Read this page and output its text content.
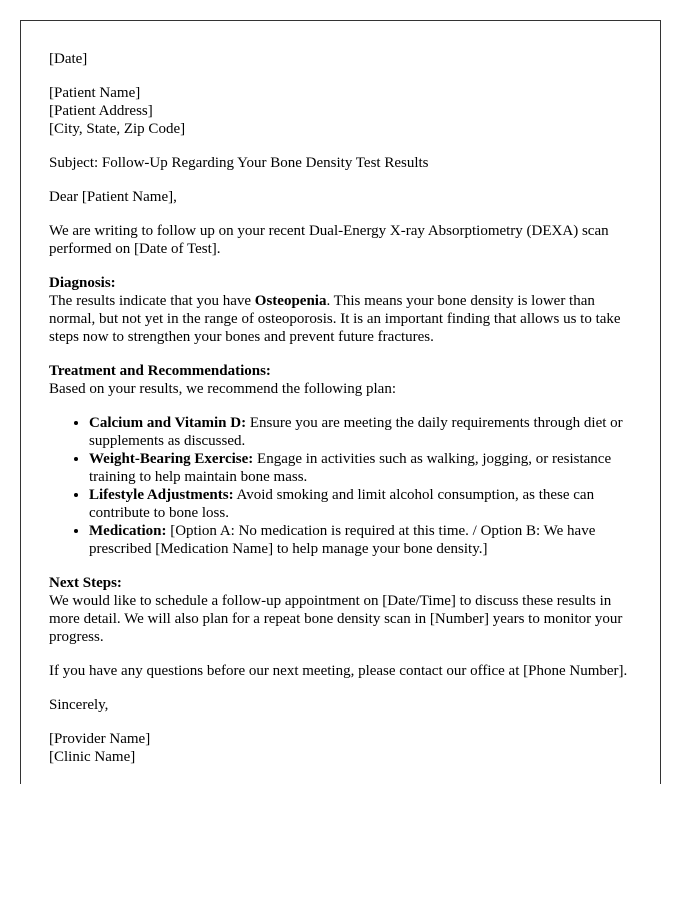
[Date]

[Patient Name]
[Patient Address]
[City, State, Zip Code]

Subject: Follow-Up Regarding Your Bone Density Test Results

Dear [Patient Name],

We are writing to follow up on your recent Dual-Energy X-ray Absorptiometry (DEXA) scan performed on [Date of Test].

Diagnosis:
The results indicate that you have Osteopenia. This means your bone density is lower than normal, but not yet in the range of osteoporosis. It is an important finding that allows us to take steps now to strengthen your bones and prevent future fractures.
Treatment and Recommendations:

Based on your results, we recommend the following plan:

• Calcium and Vitamin D: Ensure you are meeting the daily requirements through diet or supplements as discussed.
• Weight-Bearing Exercise: Engage in activities such as walking, jogging, or resistance training to help maintain bone mass.
• Lifestyle Adjustments: Avoid smoking and limit alcohol consumption, as these can contribute to bone loss.
• Medication: [Option A: No medication is required at this time. / Option B: We have prescribed [Medication Name] to help manage your bone density.]
Next Steps:
We would like to schedule a follow-up appointment on [Date/Time] to discuss these results in more detail. We will also plan for a repeat bone density scan in [Number] years to monitor your progress.

If you have any questions before our next meeting, please contact our office at [Phone Number].

Sincerely,

[Provider Name]
[Clinic Name]
